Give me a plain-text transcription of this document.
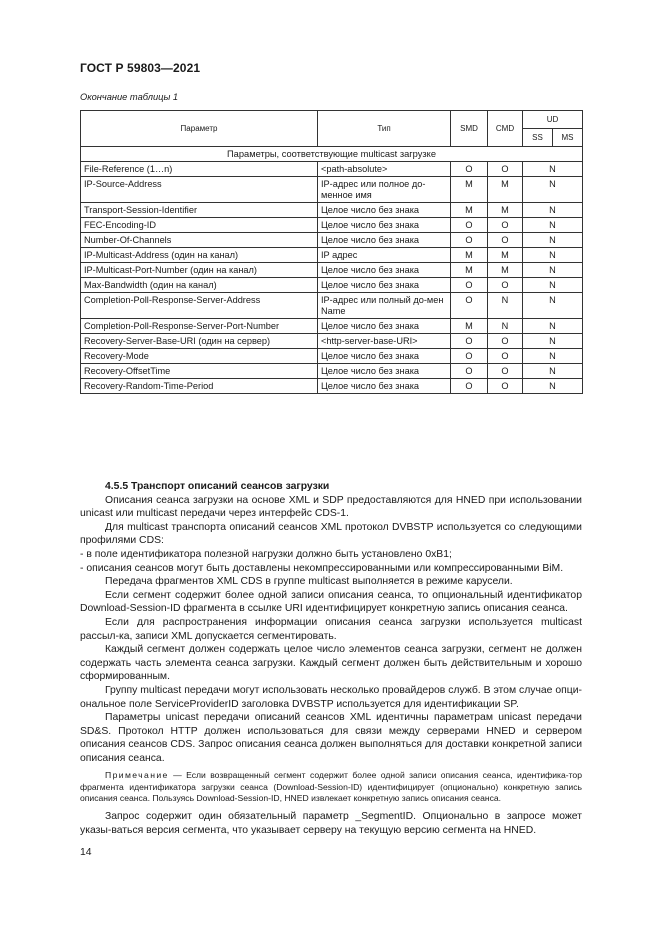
ГОСТ Р 59803—2021
Окончание таблицы 1
Параметр	Тип	SMD	CMD	UD	
				SS	MS
Параметры, соответствующие multicast загрузке					
File-Reference (1…n)	<path-absolute>	O	O	N	
IP-Source-Address	IP-адрес или полное до-менное имя	M	M	N	
Transport-Session-Identifier	Целое число без знака	M	M	N	
FEC-Encoding-ID	Целое число без знака	O	O	N	
Number-Of-Channels	Целое число без знака	O	O	N	
IP-Multicast-Address (один на канал)	IP адрес	M	M	N	
IP-Multicast-Port-Number (один на канал)	Целое число без знака	M	M	N	
Max-Bandwidth (один на канал)	Целое число без знака	O	O	N	
Completion-Poll-Response-Server-Address	IP-адрес или полный до-мен Name	O	N	N	
Completion-Poll-Response-Server-Port-Number	Целое число без знака	M	N	N	
Recovery-Server-Base-URI (один на сервер)	<http-server-base-URI>	O	O	N	
Recovery-Mode	Целое число без знака	O	O	N	
Recovery-OffsetTime	Целое число без знака	O	O	N	
Recovery-Random-Time-Period	Целое число без знака	O	O	N	
4.5.5 Транспорт описаний сеансов загрузки

Описания сеанса загрузки на основе XML и SDP предоставляются для HNED при использовании unicast или multicast передачи через интерфейс CDS-1.

Для multicast транспорта описаний сеансов XML протокол DVBSTP используется со следующими профилями CDS:

- в поле идентификатора полезной нагрузки должно быть установлено 0xB1;

- описания сеансов могут быть доставлены некомпрессированными или компрессированными BiM.

Передача фрагментов XML CDS в группе multicast выполняется в режиме карусели.

Если сегмент содержит более одной записи описания сеанса, то опциональный идентификатор Download-Session-ID фрагмента в ссылке URI идентифицирует конкретную запись описания сеанса.

Если для распространения информации описания сеанса загрузки используется multicast рассыл-ка, записи XML допускается сегментировать.

Каждый сегмент должен содержать целое число элементов сеанса загрузки, сегмент не должен содержать часть элемента сеанса загрузки. Каждый сегмент должен быть действительным и хорошо сформированным.

Группу multicast передачи могут использовать несколько провайдеров служб. В этом случае опци-ональное поле ServiceProviderID заголовка DVBSTP используется для идентификации SP.

Параметры unicast передачи описаний сеансов XML идентичны параметрам unicast передачи SD&S. Протокол HTTP должен использоваться для связи между серверами HNED и сервером описания сеансов CDS. Запрос описания сеанса должен выполняться для доставки конкретной записи описания сеанса.

Примечание — Если возвращенный сегмент содержит более одной записи описания сеанса, идентифика-тор фрагмента идентификатора загрузки сеанса (Download-Session-ID) идентифицирует (опционально) конкретную запись описания сеанса. Пользуясь Download-Session-ID, HNED извлекает конкретную запись описания сеанса.

Запрос содержит один обязательный параметр _SegmentID. Опционально в запросе может указы-ваться версия сегмента, что указывает серверу на текущую версию сегмента на HNED.

14
